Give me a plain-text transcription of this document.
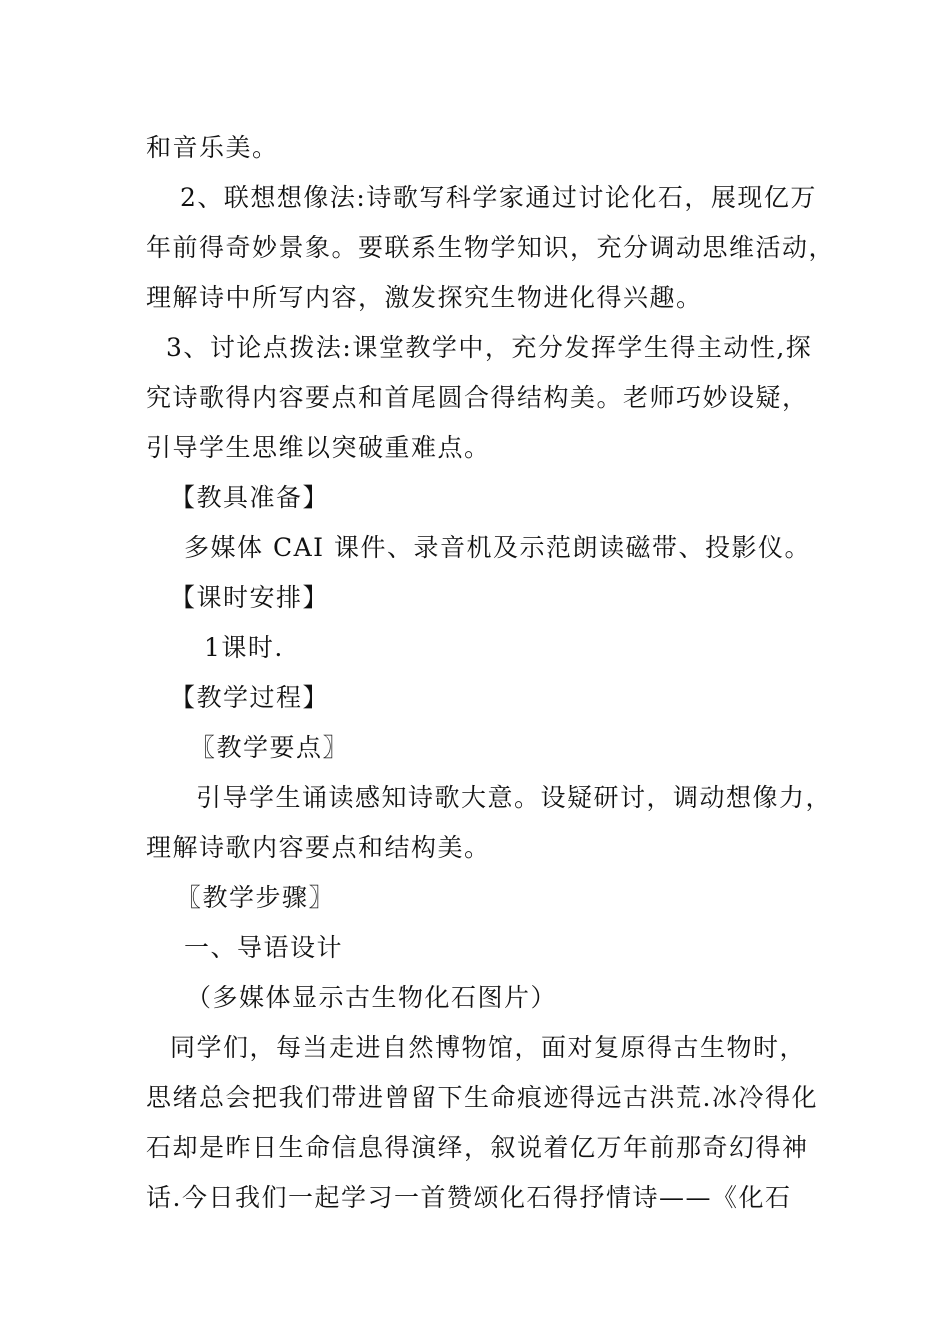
和音乐美。
2、联想想像法:诗歌写科学家通过讨论化石，展现亿万
年前得奇妙景象。要联系生物学知识，充分调动思维活动，
理解诗中所写内容，激发探究生物进化得兴趣。
3、讨论点拨法:课堂教学中，充分发挥学生得主动性,探
究诗歌得内容要点和首尾圆合得结构美。老师巧妙设疑，
引导学生思维以突破重难点。
【教具准备】
多媒体 CAI 课件、录音机及示范朗读磁带、投影仪。
【课时安排】
1课时.
【教学过程】
〖教学要点〗
引导学生诵读感知诗歌大意。设疑研讨，调动想像力，
理解诗歌内容要点和结构美。
〖教学步骤〗
一、导语设计
（多媒体显示古生物化石图片）
同学们，每当走进自然博物馆，面对复原得古生物时，
思绪总会把我们带进曾留下生命痕迹得远古洪荒.冰冷得化
石却是昨日生命信息得演绎，叙说着亿万年前那奇幻得神
话.今日我们一起学习一首赞颂化石得抒情诗——《化石
